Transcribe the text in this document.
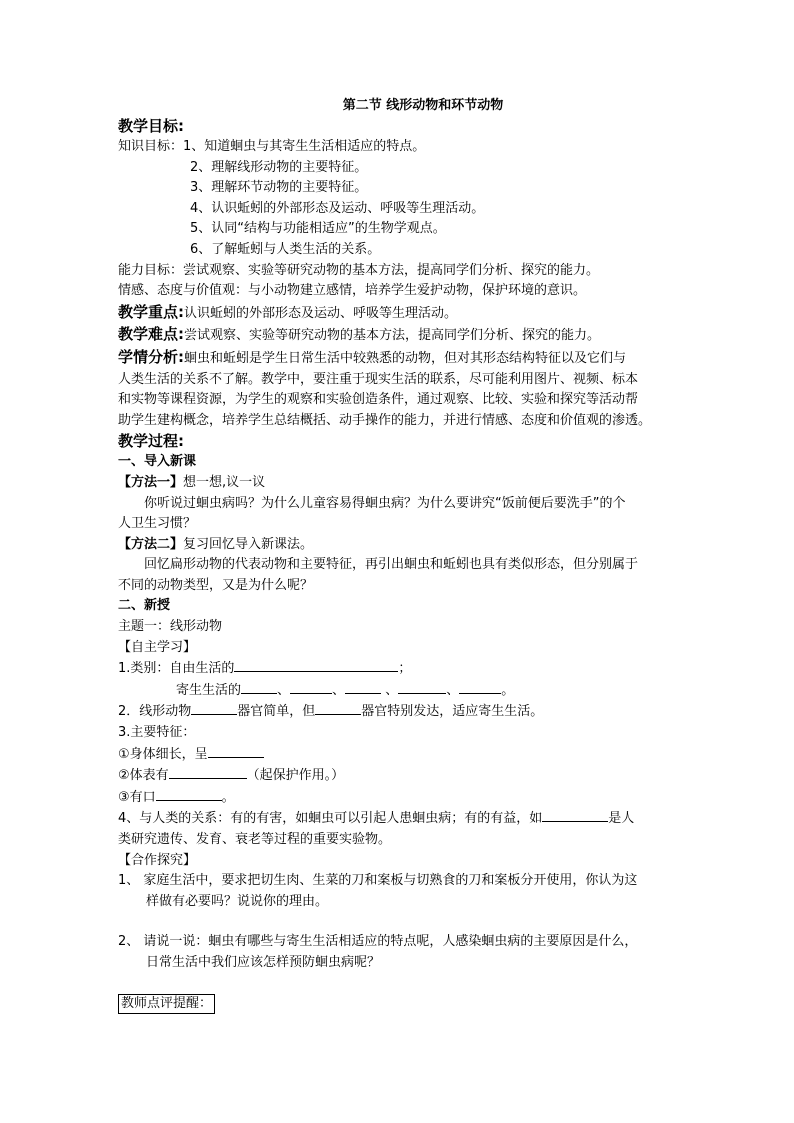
第二节 线形动物和环节动物
教学目标:
知识目标：1、知道蛔虫与其寄生生活相适应的特点。
2、理解线形动物的主要特征。
3、理解环节动物的主要特征。
4、认识蚯蚓的外部形态及运动、呼吸等生理活动。
5、认同“结构与功能相适应”的生物学观点。
6、了解蚯蚓与人类生活的关系。
能力目标：尝试观察、实验等研究动物的基本方法，提高同学们分析、探究的能力。
情感、态度与价值观：与小动物建立感情，培养学生爱护动物，保护环境的意识。
教学重点:认识蚯蚓的外部形态及运动、呼吸等生理活动。
教学难点:尝试观察、实验等研究动物的基本方法，提高同学们分析、探究的能力。
学情分析:蛔虫和蚯蚓是学生日常生活中较熟悉的动物，但对其形态结构特征以及它们与
人类生活的关系不了解。教学中，要注重于现实生活的联系，尽可能利用图片、视频、标本
和实物等课程资源，为学生的观察和实验创造条件，通过观察、比较、实验和探究等活动帮
助学生建构概念，培养学生总结概括、动手操作的能力，并进行情感、态度和价值观的渗透。
教学过程:
一、导入新课
【方法一】想一想,议一议
你听说过蛔虫病吗？为什么儿童容易得蛔虫病？为什么要讲究“饭前便后要洗手”的个
人卫生习惯？
【方法二】复习回忆导入新课法。
回忆扁形动物的代表动物和主要特征，再引出蛔虫和蚯蚓也具有类似形态，但分别属于
不同的动物类型，又是为什么呢？
二、新授
主题一：线形动物
【自主学习】
1.类别：自由生活的	；
寄生生活的	、	、	、	、	。
2．线形动物	器官简单，但	器官特别发达，适应寄生生活。
3.主要特征：
①身体细长，呈
②体表有	（起保护作用。）
③有口	。
4、与人类的关系：有的有害，如蛔虫可以引起人患蛔虫病；有的有益，如	是人
类研究遗传、发育、衰老等过程的重要实验物。
【合作探究】
1、 家庭生活中，要求把切生肉、生菜的刀和案板与切熟食的刀和案板分开使用，你认为这
样做有必要吗？说说你的理由。
2、 请说一说：蛔虫有哪些与寄生生活相适应的特点呢，人感染蛔虫病的主要原因是什么，
日常生活中我们应该怎样预防蛔虫病呢？
教师点评提醒：
